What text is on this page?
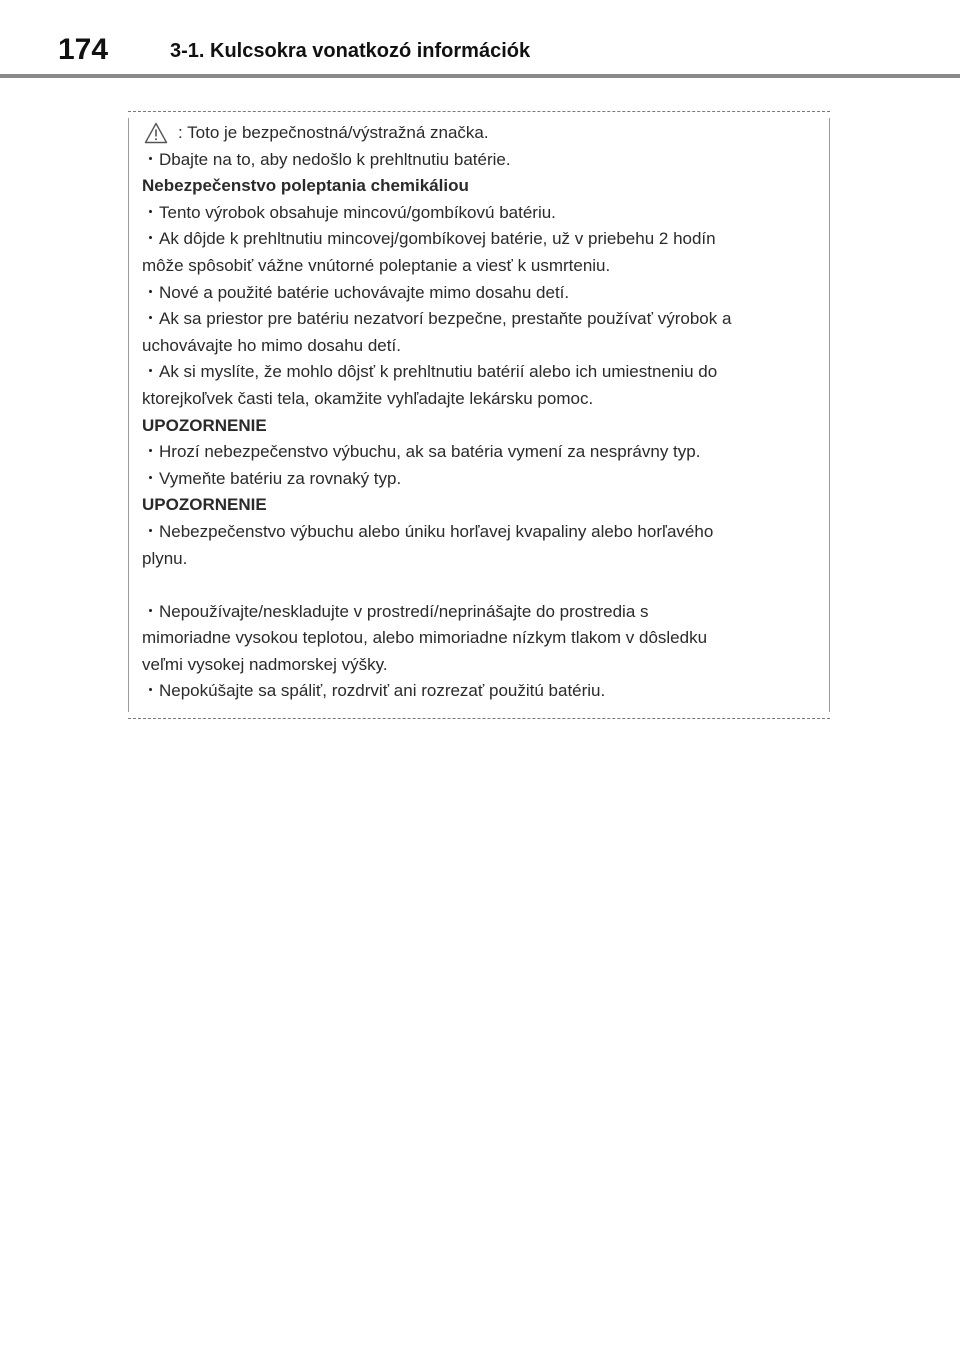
174	3-1. Kulcsokra vonatkozó információk
: Toto je bezpečnostná/výstražná značka.
・Dbajte na to, aby nedošlo k prehltnutiu batérie.
Nebezpečenstvo poleptania chemikáliou
・Tento výrobok obsahuje mincovú/gombíkovú batériu.
・Ak dôjde k prehltnutiu mincovej/gombíkovej batérie, už v priebehu 2 hodín
môže spôsobiť vážne vnútorné poleptanie a viesť k usmrteniu.
・Nové a použité batérie uchovávajte mimo dosahu detí.
・Ak sa priestor pre batériu nezatvorí bezpečne, prestaňte používať výrobok a
uchovávajte ho mimo dosahu detí.
・Ak si myslíte, že mohlo dôjsť k prehltnutiu batérií alebo ich umiestneniu do
ktorejkoľvek časti tela, okamžite vyhľadajte lekársku pomoc.
UPOZORNENIE
・Hrozí nebezpečenstvo výbuchu, ak sa batéria vymení za nesprávny typ.
・Vymeňte batériu za rovnaký typ.
UPOZORNENIE
・Nebezpečenstvo výbuchu alebo úniku horľavej kvapaliny alebo horľavého
plynu.
・Nepoužívajte/neskladujte v prostredí/neprinášajte do prostredia s
mimoriadne vysokou teplotou, alebo mimoriadne nízkym tlakom v dôsledku
veľmi vysokej nadmorskej výšky.
・Nepokúšajte sa spáliť, rozdrviť ani rozrezať použitú batériu.
